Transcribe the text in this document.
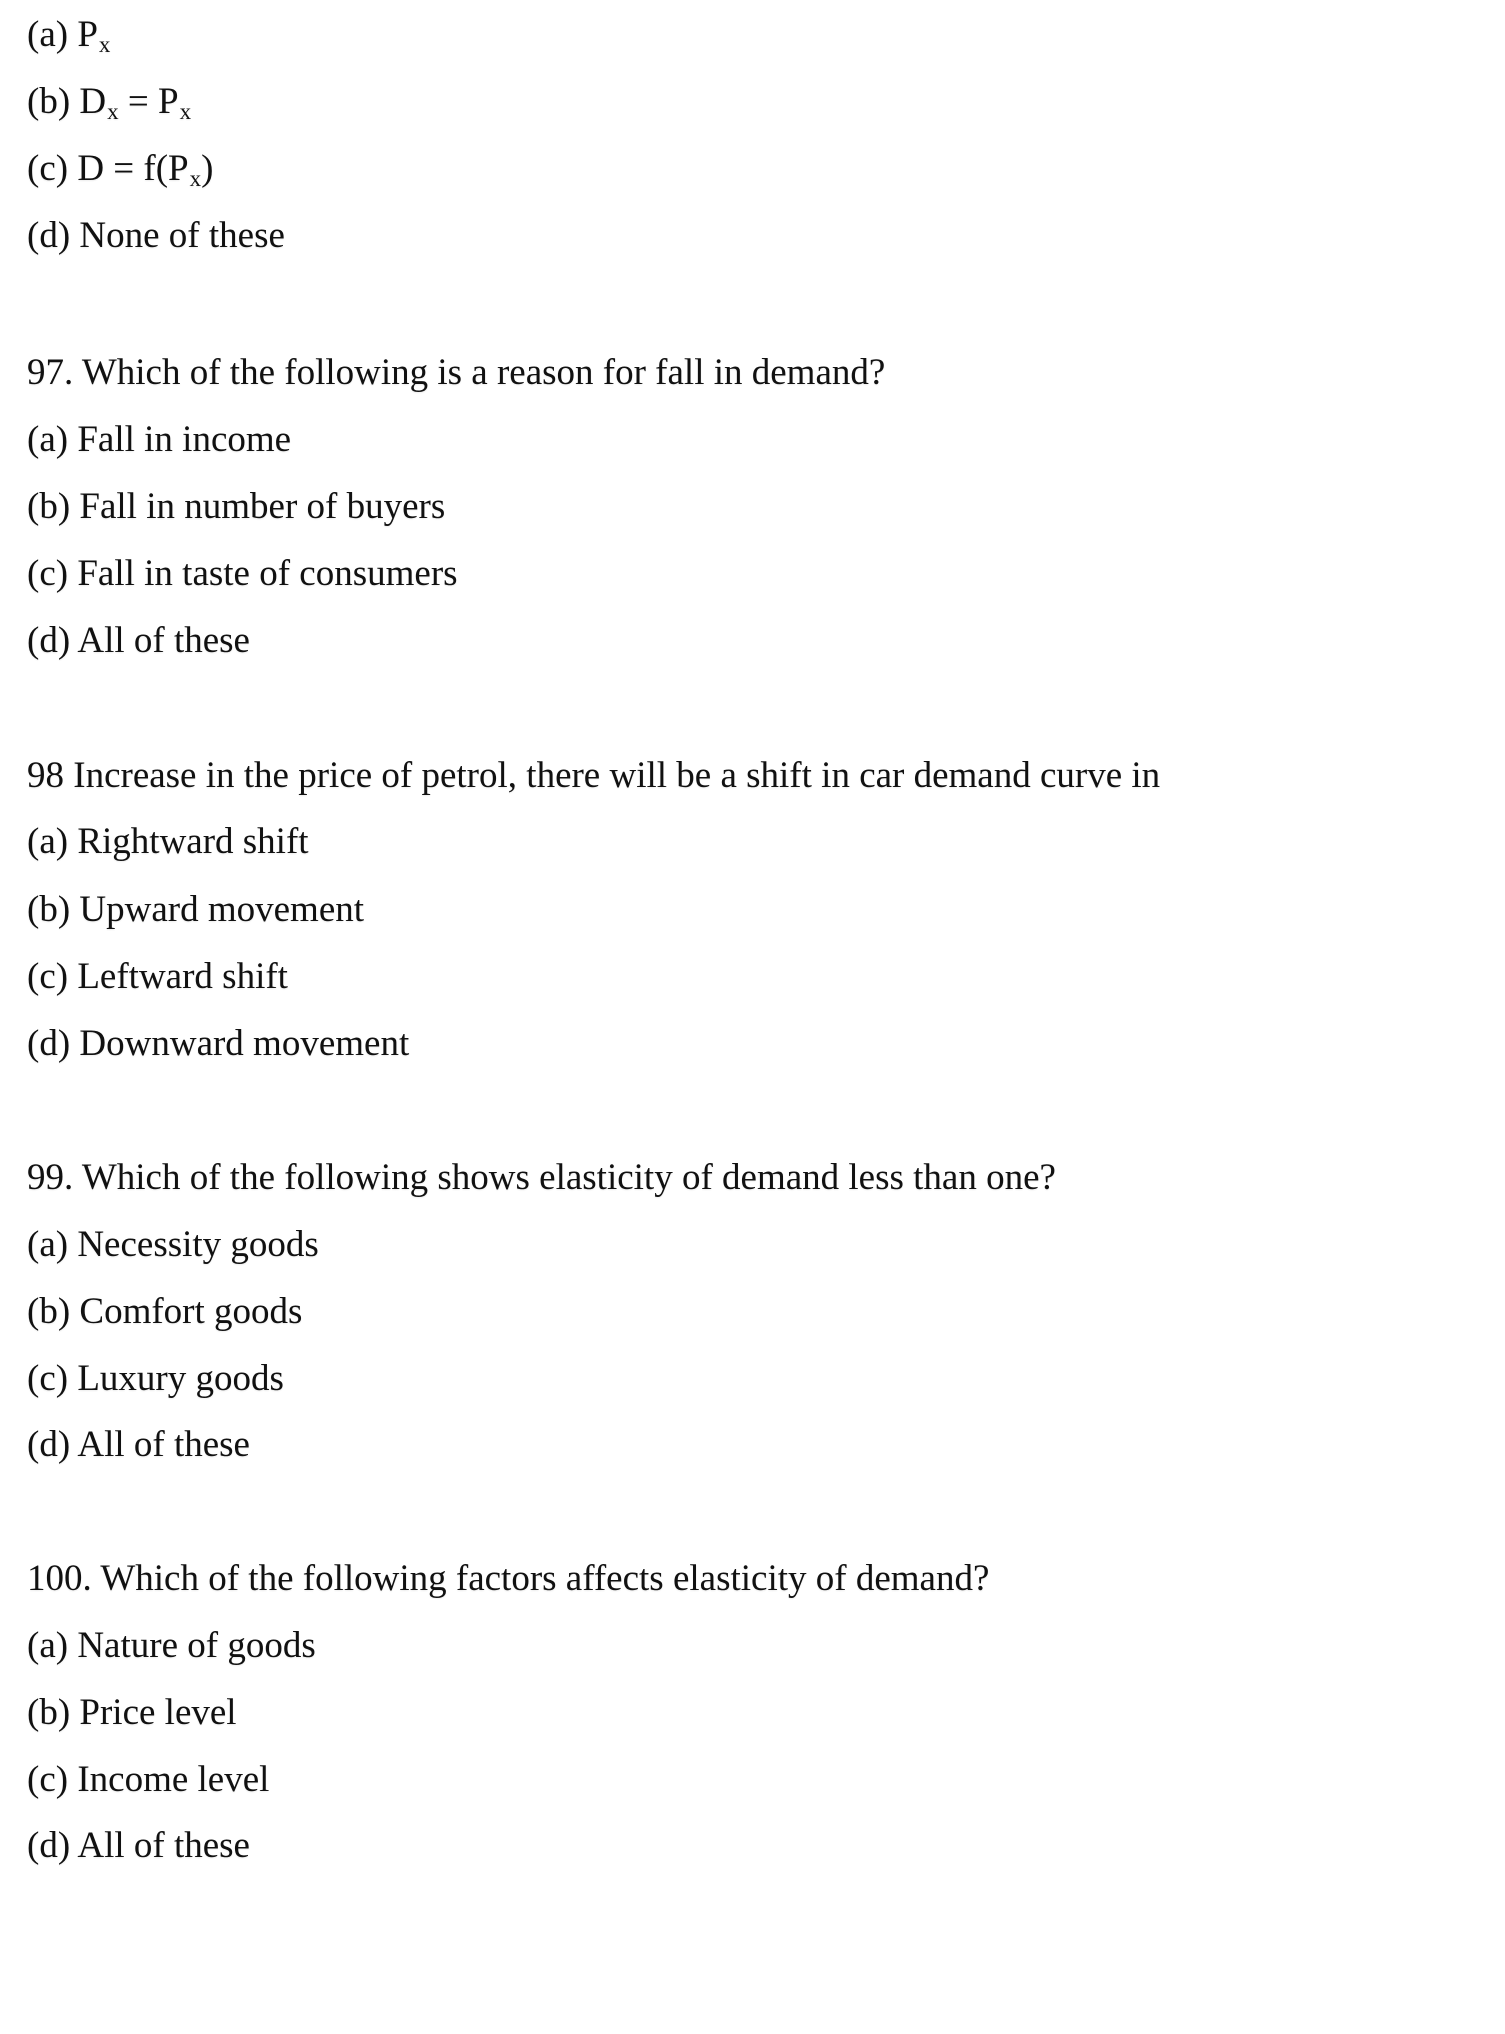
(a) Px
(b) Dx = Px
(c) D = f(Px)
(d) None of these
97. Which of the following is a reason for fall in demand?
(a) Fall in income
(b) Fall in number of buyers
(c) Fall in taste of consumers
(d) All of these
98 Increase in the price of petrol, there will be a shift in car demand curve in
(a) Rightward shift
(b) Upward movement
(c) Leftward shift
(d) Downward movement
99. Which of the following shows elasticity of demand less than one?
(a) Necessity goods
(b) Comfort goods
(c) Luxury goods
(d) All of these
100. Which of the following factors affects elasticity of demand?
(a) Nature of goods
(b) Price level
(c) Income level
(d) All of these
